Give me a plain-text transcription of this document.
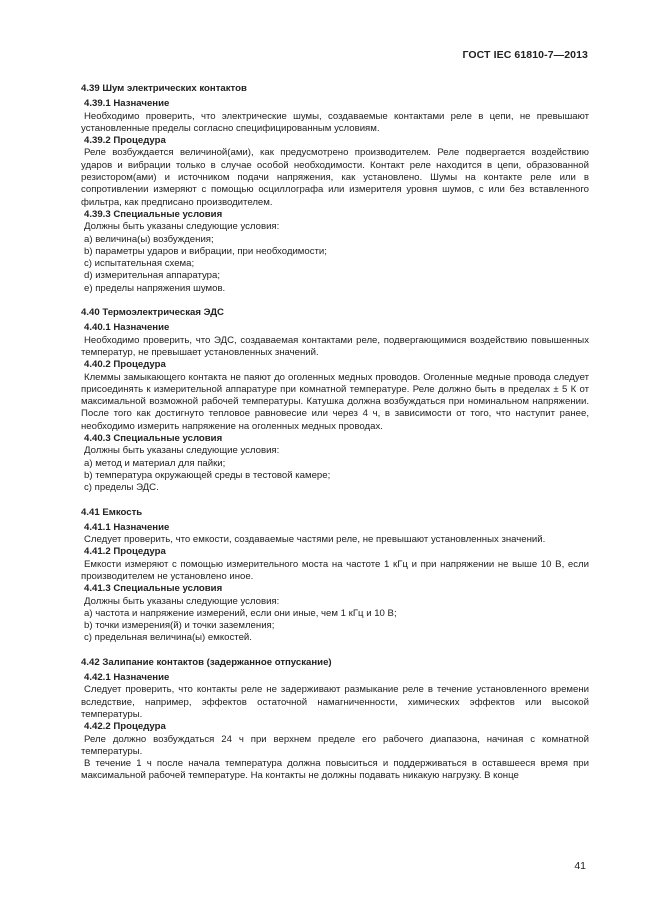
ГОСТ IEC 61810-7—2013
4.39 Шум электрических контактов
4.39.1 Назначение
Необходимо проверить, что электрические шумы, создаваемые контактами реле в цепи, не превышают установленные пределы согласно специфицированным условиям.
4.39.2 Процедура
Реле возбуждается величиной(ами), как предусмотрено производителем. Реле подвергается воздействию ударов и вибрации только в случае особой необходимости. Контакт реле находится в цепи, образованной резистором(ами) и источником подачи напряжения, как установлено. Шумы на контакте реле или в сопротивлении измеряют с помощью осциллографа или измерителя уровня шумов, с или без вставленного фильтра, как предписано производителем.
4.39.3 Специальные условия
Должны быть указаны следующие условия:
а) величина(ы) возбуждения;
b) параметры ударов и вибрации, при необходимости;
c) испытательная схема;
d) измерительная аппаратура;
e) пределы напряжения шумов.
4.40 Термоэлектрическая ЭДС
4.40.1 Назначение
Необходимо проверить, что ЭДС, создаваемая контактами реле, подвергающимися воздействию повышенных температур, не превышает установленных значений.
4.40.2 Процедура
Клеммы замыкающего контакта не паяют до оголенных медных проводов. Оголенные медные провода следует присоединять к измерительной аппаратуре при комнатной температуре. Реле должно быть в пределах ± 5 К от максимальной возможной рабочей температуры. Катушка должна возбуждаться при номинальном напряжении. После того как достигнуто тепловое равновесие или через 4 ч, в зависимости от того, что наступит ранее, необходимо измерить напряжение на оголенных медных проводах.
4.40.3 Специальные условия
Должны быть указаны следующие условия:
а) метод и материал для пайки;
b) температура окружающей среды в тестовой камере;
c) пределы ЭДС.
4.41 Емкость
4.41.1 Назначение
Следует проверить, что емкости, создаваемые частями реле, не превышают установленных значений.
4.41.2 Процедура
Емкости измеряют с помощью измерительного моста на частоте 1 кГц и при напряжении не выше 10 В, если производителем не установлено иное.
4.41.3 Специальные условия
Должны быть указаны следующие условия:
а) частота и напряжение измерений, если они иные, чем 1 кГц и 10 В;
b) точки измерения(й) и точки заземления;
c) предельная величина(ы) емкостей.
4.42 Залипание контактов (задержанное отпускание)
4.42.1 Назначение
Следует проверить, что контакты реле не задерживают размыкание реле в течение установленного времени вследствие, например, эффектов остаточной намагниченности, химических эффектов или высокой температуры.
4.42.2 Процедура
Реле должно возбуждаться 24 ч при верхнем пределе его рабочего диапазона, начиная с комнатной температуры.
В течение 1 ч после начала температура должна повыситься и поддерживаться в оставшееся время при максимальной рабочей температуре. На контакты не должны подавать никакую нагрузку. В конце
41
